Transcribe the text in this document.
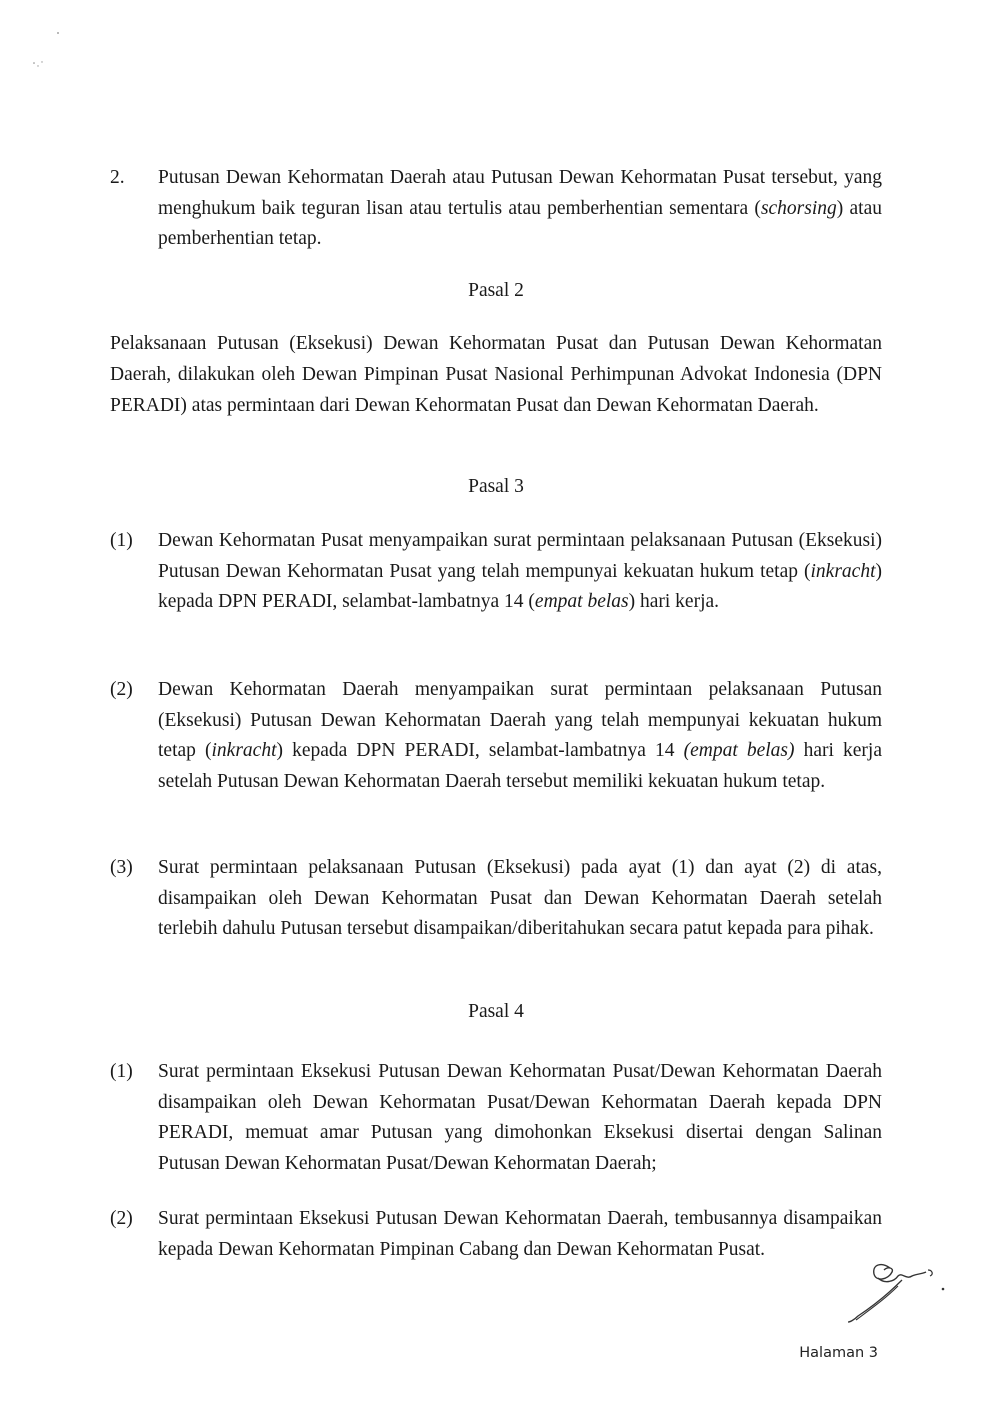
2.	Putusan Dewan Kehormatan Daerah atau Putusan Dewan Kehormatan Pusat tersebut, yang menghukum baik teguran lisan atau tertulis atau pemberhentian sementara (schorsing) atau pemberhentian tetap.
Pasal 2
Pelaksanaan Putusan (Eksekusi) Dewan Kehormatan Pusat dan Putusan Dewan Kehormatan Daerah, dilakukan oleh Dewan Pimpinan Pusat Nasional Perhimpunan Advokat Indonesia (DPN PERADI) atas permintaan dari Dewan Kehormatan Pusat dan Dewan Kehormatan Daerah.
Pasal 3
(1)	Dewan Kehormatan Pusat menyampaikan surat permintaan pelaksanaan Putusan (Eksekusi) Putusan Dewan Kehormatan Pusat yang telah mempunyai kekuatan hukum tetap (inkracht) kepada DPN PERADI, selambat-lambatnya 14 (empat belas) hari kerja.
(2)	Dewan Kehormatan Daerah menyampaikan surat permintaan pelaksanaan Putusan (Eksekusi) Putusan Dewan Kehormatan Daerah yang telah mempunyai kekuatan hukum tetap (inkracht) kepada DPN PERADI, selambat-lambatnya 14 (empat belas) hari kerja setelah Putusan Dewan Kehormatan Daerah tersebut memiliki kekuatan hukum tetap.
(3)	Surat permintaan pelaksanaan Putusan (Eksekusi) pada ayat (1) dan ayat (2) di atas, disampaikan oleh Dewan Kehormatan Pusat dan Dewan Kehormatan Daerah setelah terlebih dahulu Putusan tersebut disampaikan/diberitahukan secara patut kepada para pihak.
Pasal 4
(1)	Surat permintaan Eksekusi Putusan Dewan Kehormatan Pusat/Dewan Kehormatan Daerah disampaikan oleh Dewan Kehormatan Pusat/Dewan Kehormatan Daerah kepada DPN PERADI, memuat amar Putusan yang dimohonkan Eksekusi disertai dengan Salinan Putusan Dewan Kehormatan Pusat/Dewan Kehormatan Daerah;
(2)	Surat permintaan Eksekusi Putusan Dewan Kehormatan Daerah, tembusannya disampaikan kepada Dewan Kehormatan Pimpinan Cabang dan Dewan Kehormatan Pusat.
Halaman 3
